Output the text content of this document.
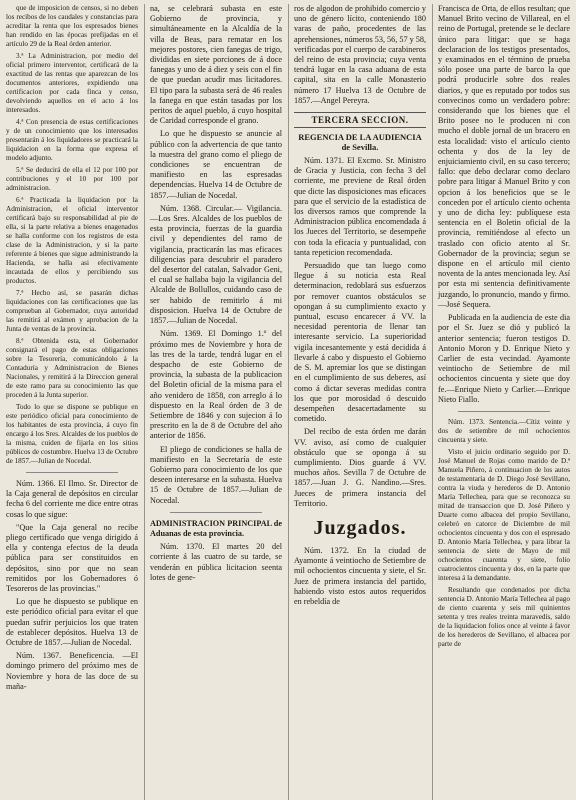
que de imposicion de censos, si no deben los recibos de los caudales y constancias para acreditar la renta que los espresados bienes han rendido en las épocas prefijadas en el artículo 29 de la Real órden anterior.

3.ª La Administracion, por medio del oficial primero interventor, certificará de la exactitud de las rentas que aparezcan de los documentos anteriores, expidiendo una certificacion por cada finca y censo, devolviendo aquellos en el acto á los interesados.

4.ª Con presencia de estas certificaciones y de un conocimiento que los interesados presentarán á los liquidadores se practicará la liquidacion en la forma que expresa el modelo adjunto.

5.ª Se deducirá de ella el 12 por 100 por contribuciones y el 10 por 100 por administracion.

6.ª Practicada la liquidacion por la Administracion, el oficial interventor certificará bajo su responsabilidad al pie de ella, si la parte relativa a bienes enagenados se halla conforme con los registros de esta clase de la Administracion, y si la parte referente á bienes que sigue administrando la Hacienda, se halla asi efectivamente incautada de ellos y percibiendo sus productos.

7.ª Hecho así, se pasarán dichas liquidaciones con las certificaciones que las comprueban al Gobernador, cuya autoridad las remitirá al exámen y aprobacion de la Junta de ventas de la provincia.

8.ª Obtenida esta, el Gobernador consignará el pago de estas obligaciones sobre la Tesorería, comunicándolo á la Contaduría y Administracion de Bienes Nacionales, y remitirá á la Direccion general de este ramo para su conocimiento las que proceden á la Junta superior.

Todo lo que se dispone se publique en este periódico oficial para conocimiento de los habitantes de esta provincia, á cuyo fin encargo á los Sres. Alcaldes de los pueblos de la misma, cuiden de fijarla en los sitios públicos de costumbre. Huelva 13 de Octubre de 1857.—Julian de Nocedal.

Núm. 1366. El Ilmo. Sr. Director de la Caja general de depósitos en circular fecha 6 del corriente me dice entre otras cosas lo que sigue:

"Que la Caja general no recibe pliego certificado que venga dirigido á ella y contenga efectos de la deuda pública para ser constituidos en depósitos, sino por que no sean remitidos por los Gobernadores ó Tesoreros de las provincias."

Lo que he dispuesto se publique en este periódico oficial para evitar el que puedan sufrir perjuicios los que traten de establecer depósitos. Huelva 13 de Octubre de 1857.—Julian de Nocedal.

Núm. 1367. Beneficencia. —El domingo primero del próximo mes de Noviembre y hora de las doce de su maña-

na, se celebrará subasta en este Gobierno de provincia, y simultáneamente en la Alcaldía de la villa de Beas, para rematar en los mejores postores, cien fanegas de trigo, divididas en siete porciones de á doce fanegas y uno de á diez y seis con el fin de que puedan acudir mas licitadores. El tipo para la subasta será de 46 reales la fanega en que están tasadas por los peritos de aquel pueblo, á cuyo hospital de Caridad corresponde el grano.

Lo que he dispuesto se anuncie al público con la advertencia de que tanto la muestra del grano como el pliego de condiciones se encuentran de manifiesto en las espresadas dependencias. Huelva 14 de Octubre de 1857.—Julian de Nocedal.

Núm. 1368. Circular.— Vigilancia.—Los Sres. Alcaldes de los pueblos de esta provincia, fuerzas de la guardia civil y dependientes del ramo de vigilancia, practicarán las mas eficaces diligencias para descubrir el paradero del desertor del catalan, Salvador Geni, el cual se hallaba bajo la vigilancia del Alcalde de Bollullos, cuidando caso de ser habido de remitirlo á mi disposicion. Huelva 14 de Octubre de 1857.—Julian de Nocedal.

Núm. 1369. El Domingo 1.º del próximo mes de Noviembre y hora de las tres de la tarde, tendrá lugar en el despacho de este Gobierno de provincia, la subasta de la publicacion del Boletin oficial de la misma para el año venidero de 1858, con arreglo á lo dispuesto en la Real órden de 3 de Setiembre de 1846 y con sujecion á lo prescrito en la de 8 de Octubre del año anterior de 1856.

El pliego de condiciones se halla de manifiesto en la Secretaría de este Gobierno para conocimiento de los que deseen interesarse en la subasta. Huelva 15 de Octubre de 1857.—Julian de Nocedal.

ADMINISTRACION PRINCIPAL de Aduanas de esta provincia.

Núm. 1370. El martes 20 del corriente á las cuatro de su tarde, se venderán en pública licitacion seenta lotes de gene-

ros de algodon de prohibido comercio y uno de género lícito, conteniendo 180 varas de paño, procedentes de las aprehensiones, números 53, 56, 57 y 58, verificadas por el cuerpo de carabineros del reino de esta provincia; cuya venta tendrá lugar en la casa aduana de esta capital, sita en la calle Monasterio número 17 Huelva 13 de Octubre de 1857.—Angel Pereyra.

TERCERA SECCION.
REGENCIA DE LA AUDIENCIA de Sevilla.

Núm. 1371. El Excmo. Sr. Ministro de Gracia y Justicia, con fecha 3 del corriente, me previene de Real órden que dicte las disposiciones mas eficaces para que el servicio de la estadística de los diversos ramos que comprende la Administracion pública encomendada á los Jueces del Territorio, se desempeñe con toda la eficacia y puntualidad, con tanta repeticion recomendada.

Persuadido que tan luego como llegue á su noticia esta Real determinacion, redoblará sus esfuerzos por remover cuantos obstáculos se opongan á su cumplimiento exacto y puntual, escuso encarecer á VV. la necesidad perentoria de llenar tan interesante servicio. La superioridad vigila incesantemente y está decidida á llevarle á cabo y dispuesto el Gobierno de S. M. apremiar los que se distingan en el cumplimiento de sus deberes, así como á dictar severas medidas contra los que por morosidad ó descuido desempeñen desacertadamente su cometido.

Del recibo de esta órden me darán VV. aviso, así como de cualquier obstáculo que se oponga á su cumplimiento. Dios guarde á VV. muchos años. Sevilla 7 de Octubre de 1857.—Juan J. G. Nandino.—Sres. Jueces de primera instancia del Territorio.

Juzgados.

Núm. 1372. En la ciudad de Ayamonte á veintiocho de Setiembre de mil ochocientos cincuenta y siete, el Sr. Juez de primera instancia del partido, habiendo visto estos autos requeridos en rebeldía de

Francisca de Orta, de ellos resultan; que Manuel Brito vecino de Villareal, en el reino de Portugal, pretende se le declare único para litigar: que se haga declaracion de los testigos presentados, y examinados en el término de prueba sólo posee una parte de barco la que podrá producirle sobre dos reales diarios, y que es reputado por todos sus convecinos como un verdadero pobre: considerando que los bienes que el Brito posee no le producen ni con mucho el doble jornal de un bracero en esta localidad: visto el artículo ciento ochenta y dos de la ley de enjuiciamiento civil, en su caso tercero; fallo: que debo declarar como declaro pobre para litigar á Manuel Brito y con opcion á los beneficios que se le conceden por el artículo ciento ochenta y uno de dicha ley: publíquese esta sentencia en el Boletin oficial de la provincia, remitiéndose al efecto un traslado con oficio atento al Sr. Gobernador de la provincia; segun se dispone en el artículo mil ciento noventa de la antes mencionada ley. Así por esta mi sentencia definitivamente juzgando, lo pronuncio, mando y firmo.—José Sequera.

Publicada en la audiencia de este dia por el Sr. Juez se dió y publicó la anterior sentencia; fueron testigos D. Antonio Moron y D. Enrique Nieto y Carlier de esta vecindad. Ayamonte veintiocho de Setiembre de mil ochocientos cincuenta y siete que doy fe.—Enrique Nieto y Carlier.—Enrique Nieto Fiallo.

Núm. 1373. Sentencia.—Cítiz veinte y dos de setiembre de mil ochocientos cincuenta y siete.

Visto el juicio ordinario seguido por D. José Manuel de Rojas como marido de D.ª Manuela Piñero, á continuacion de los autos de testamentaría de D. Diego José Sevillano, contra la viuda y herederos de D. Antonio María Tellechea, para que se reconozca su mitad de transaccion que D. José Piñero y Duarte como albacea del propio Sevillano, celebró en catorce de Diciembre de mil ochocientos cincuenta y dos con el espresado D. Antonio María Tellechea, y para librar la sentencia de siete de Mayo de mil ochocientos cuarenta y siete, folio cuatrocientos cincuenta y dos, en la parte que interesa á la demandante.

Resultando que condenados por dicha sentencia D. Antonio María Tellechea al pago de ciento cuarenta y seis mil quinientos setenta y tres reales treinta maravedís, saldo de la liquidacion folios once al veinte á favor de los herederos de Sevillano, el albacea por parte de
